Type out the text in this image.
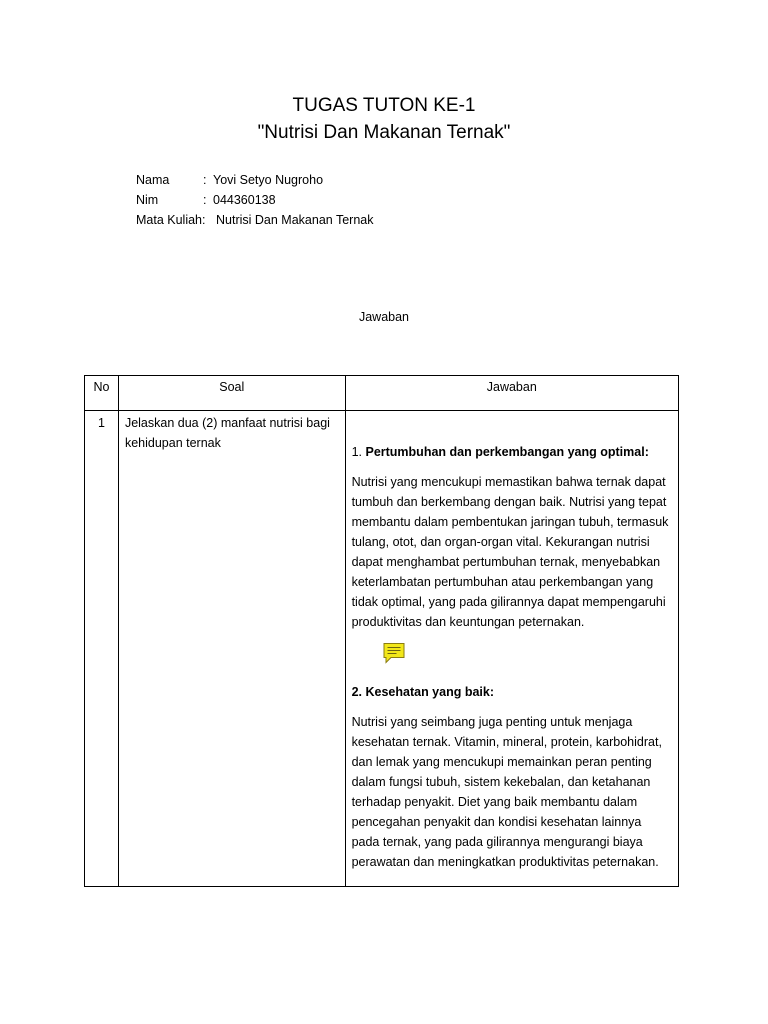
TUGAS TUTON KE-1
"Nutrisi Dan Makanan Ternak"
Nama	: Yovi Setyo Nugroho
Nim	: 044360138
Mata Kuliah: Nutrisi Dan Makanan Ternak
Jawaban
No	Soal	Jawaban
1	Jelaskan dua (2) manfaat nutrisi bagi kehidupan ternak	1. Pertumbuhan dan perkembangan yang optimal:
Nutrisi yang mencukupi memastikan bahwa ternak dapat tumbuh dan berkembang dengan baik. Nutrisi yang tepat membantu dalam pembentukan jaringan tubuh, termasuk tulang, otot, dan organ-organ vital. Kekurangan nutrisi dapat menghambat pertumbuhan ternak, menyebabkan keterlambatan pertumbuhan atau perkembangan yang tidak optimal, yang pada gilirannya dapat mempengaruhi produktivitas dan keuntungan peternakan.
2. Kesehatan yang baik:
Nutrisi yang seimbang juga penting untuk menjaga kesehatan ternak. Vitamin, mineral, protein, karbohidrat, dan lemak yang mencukupi memainkan peran penting dalam fungsi tubuh, sistem kekebalan, dan ketahanan terhadap penyakit. Diet yang baik membantu dalam pencegahan penyakit dan kondisi kesehatan lainnya pada ternak, yang pada gilirannya mengurangi biaya perawatan dan meningkatkan produktivitas peternakan.
